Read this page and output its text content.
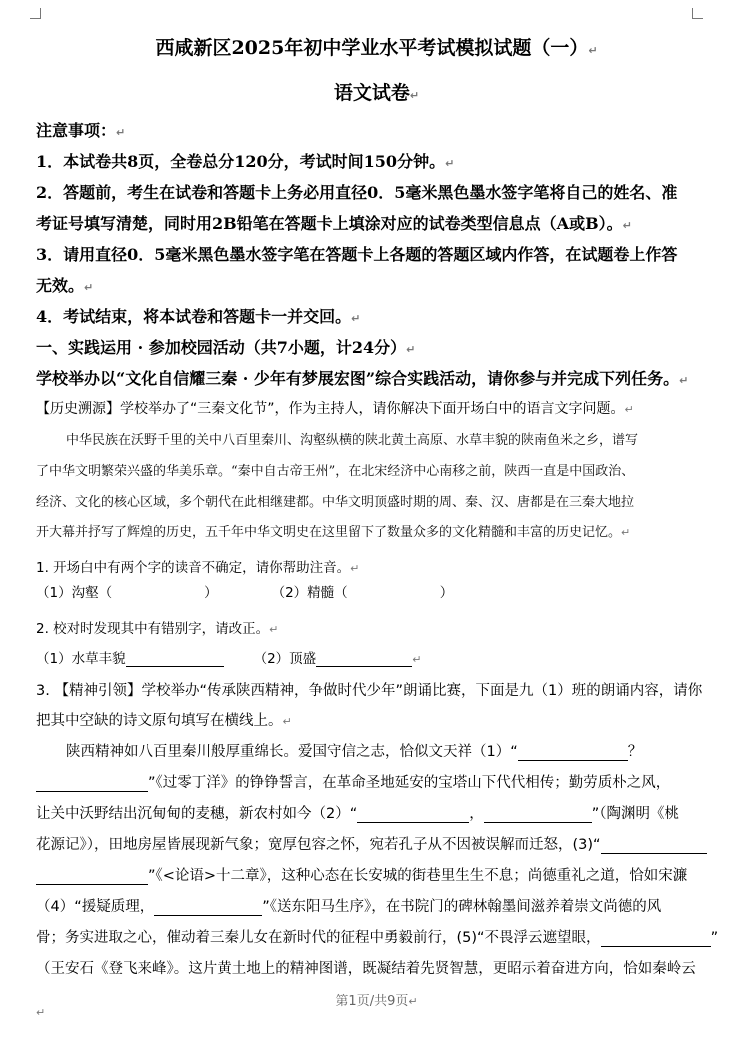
西咸新区2025年初中学业水平考试模拟试题（一）↵
语文试卷↵
注意事项：↵
1．本试卷共8页，全卷总分120分，考试时间150分钟。↵
2．答题前，考生在试卷和答题卡上务必用直径0．5毫米黑色墨水签字笔将自己的姓名、准
考证号填写清楚，同时用2B铅笔在答题卡上填涂对应的试卷类型信息点（A或B）。↵
3．请用直径0．5毫米黑色墨水签字笔在答题卡上各题的答题区域内作答，在试题卷上作答
无效。↵
4．考试结束，将本试卷和答题卡一并交回。↵
一、实践运用 · 参加校园活动（共7小题，计24分）↵
学校举办以“文化自信耀三秦 · 少年有梦展宏图”综合实践活动，请你参与并完成下列任务。↵
【历史溯源】学校举办了“三秦文化节”，作为主持人，请你解决下面开场白中的语言文字问题。↵
中华民族在沃野千里的关中八百里秦川、沟壑纵横的陕北黄土高原、水草丰貌的陕南鱼米之乡，谱写
了中华文明繁荣兴盛的华美乐章。“秦中自古帝王州”，在北宋经济中心南移之前，陕西一直是中国政治、
经济、文化的核心区域，多个朝代在此相继建都。中华文明顶盛时期的周、秦、汉、唐都是在三秦大地拉
开大幕并抒写了辉煌的历史，五千年中华文明史在这里留下了数量众多的文化精髓和丰富的历史记忆。↵
1. 开场白中有两个字的读音不确定，请你帮助注音。↵
（1）沟壑（	）	（2）精髓（	）
2. 校对时发现其中有错别字，请改正。↵
（1）水草丰貌	（2）顶盛	↵
3. 【精神引领】学校举办“传承陕西精神，争做时代少年”朗诵比赛，下面是九（1）班的朗诵内容，请你
把其中空缺的诗文原句填写在横线上。↵
陕西精神如八百里秦川般厚重绵长。爱国守信之志，恰似文天祥（1）“	？
”《过零丁洋》的铮铮誓言，在革命圣地延安的宝塔山下代代相传；勤劳质朴之风，
让关中沃野结出沉甸甸的麦穗，新农村如今（2）“	，	”（陶渊明《桃
花源记》），田地房屋皆展现新气象；宽厚包容之怀，宛若孔子从不因被误解而迁怒，(3)“
”《<论语>十二章》，这种心态在长安城的街巷里生生不息；尚德重礼之道，恰如宋濂
（4）“援疑质理，	”《送东阳马生序》，在书院门的碑林翰墨间滋养着崇文尚德的风
骨；务实进取之心，催动着三秦儿女在新时代的征程中勇毅前行，(5)“不畏浮云遮望眼，	”
（王安石《登飞来峰》。这片黄土地上的精神图谱，既凝结着先贤智慧，更昭示着奋进方向，恰如秦岭云
第1页/共9页↵
↵
